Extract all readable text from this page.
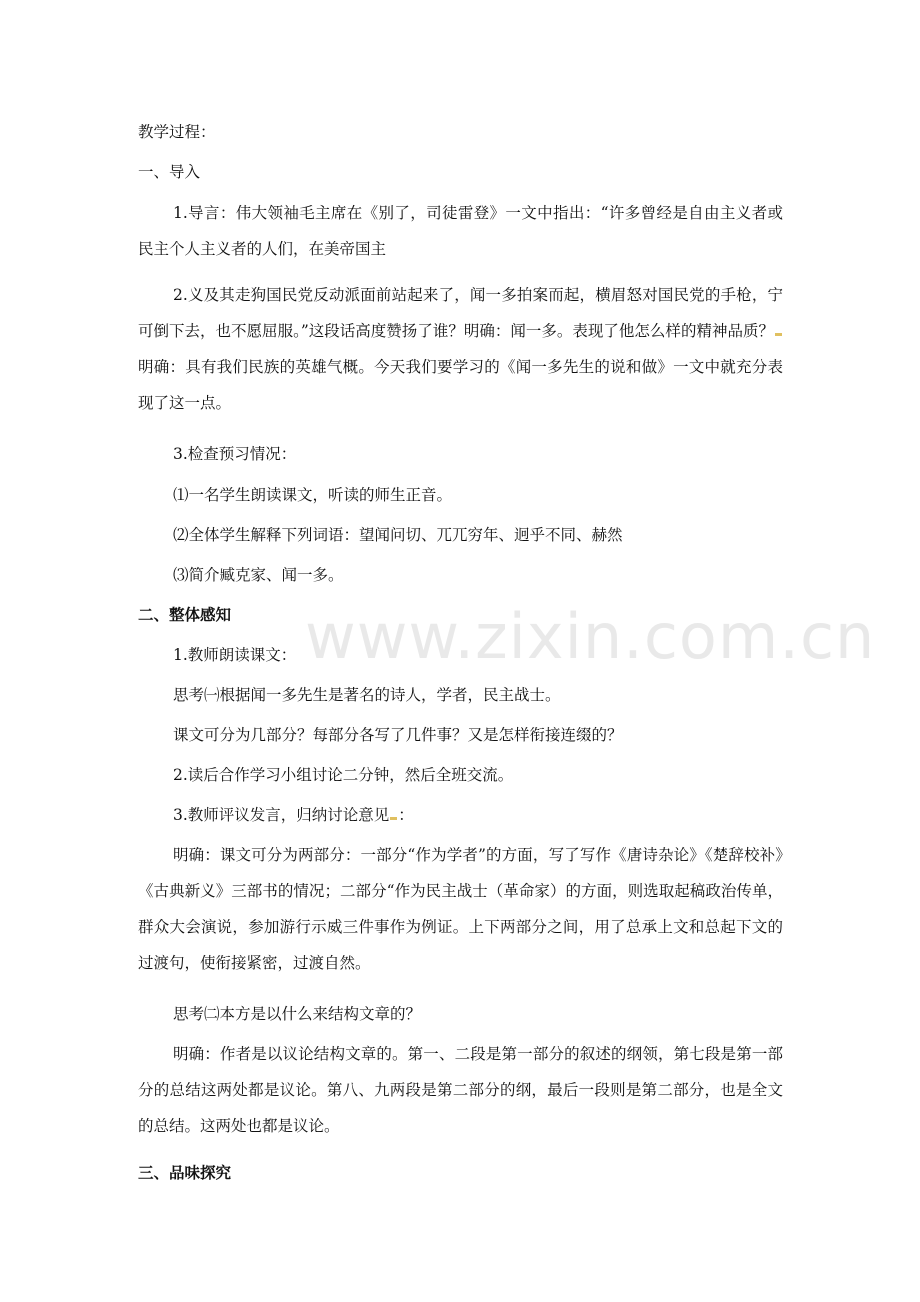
www.zixin.com.cn

教学过程：

一、导入

1.导言：伟大领袖毛主席在《别了，司徒雷登》一文中指出：“许多曾经是自由主义者或民主个人主义者的人们，在美帝国主

2.义及其走狗国民党反动派面前站起来了，闻一多拍案而起，横眉怒对国民党的手枪，宁可倒下去，也不愿屈服。”这段话高度赞扬了谁？明确：闻一多。表现了他怎么样的精神品质？明确：具有我们民族的英雄气概。今天我们要学习的《闻一多先生的说和做》一文中就充分表现了这一点。

3.检查预习情况：

⑴一名学生朗读课文，听读的师生正音。

⑵全体学生解释下列词语：望闻问切、兀兀穷年、迥乎不同、赫然

⑶简介臧克家、闻一多。

二、整体感知

1.教师朗读课文：

思考㈠根据闻一多先生是著名的诗人，学者，民主战士。

课文可分为几部分？每部分各写了几件事？又是怎样衔接连缀的？

2.读后合作学习小组讨论二分钟，然后全班交流。

3.教师评议发言，归纳讨论意见 ：

明确：课文可分为两部分：一部分“作为学者”的方面，写了写作《唐诗杂论》《楚辞校补》《古典新义》三部书的情况；二部分“作为民主战士（革命家）的方面，则选取起稿政治传单，群众大会演说，参加游行示威三件事作为例证。上下两部分之间，用了总承上文和总起下文的过渡句，使衔接紧密，过渡自然。

思考㈡本方是以什么来结构文章的？

明确：作者是以议论结构文章的。第一、二段是第一部分的叙述的纲领，第七段是第一部分的总结这两处都是议论。第八、九两段是第二部分的纲，最后一段则是第二部分，也是全文的总结。这两处也都是议论。

三、品味探究
